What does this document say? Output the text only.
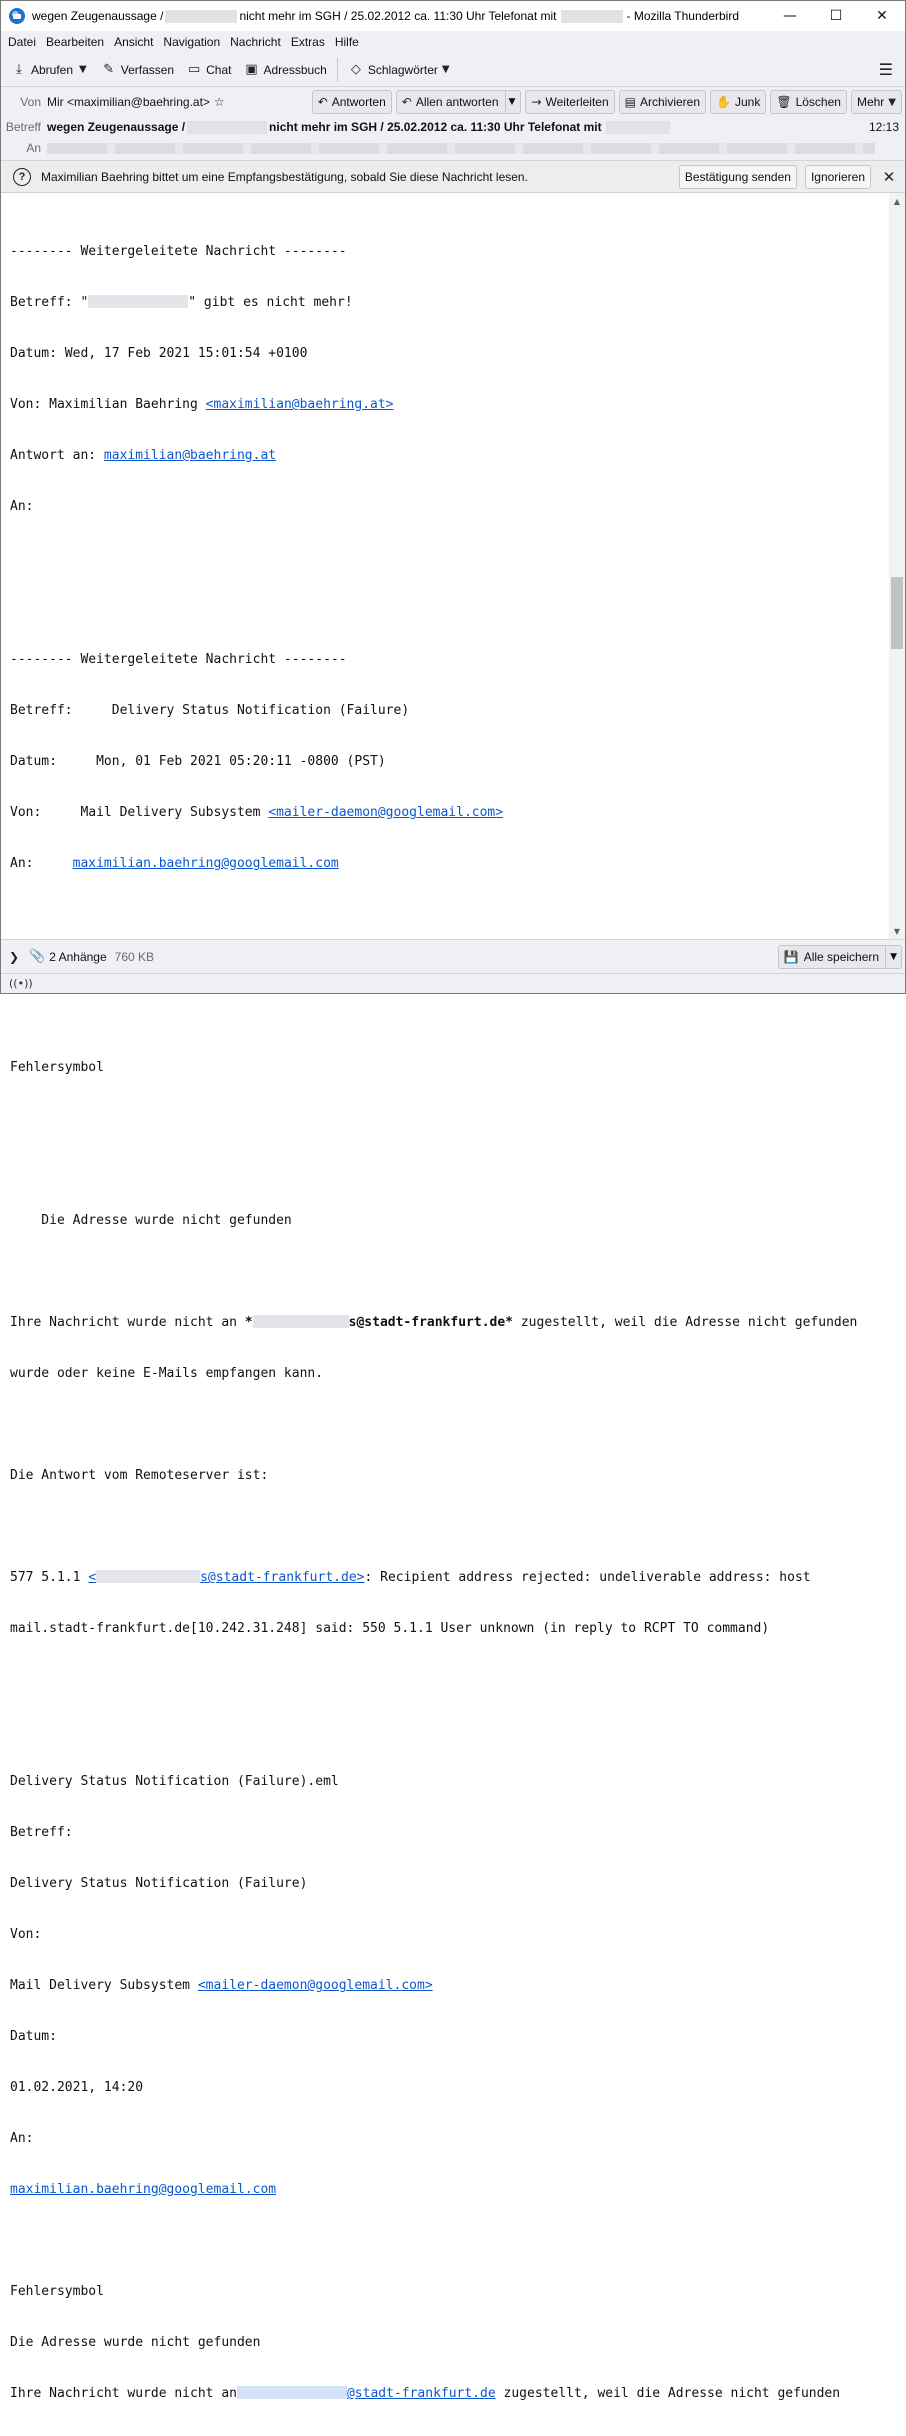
wegen Zeugenaussage /	nicht mehr im SGH / 25.02.2012 ca. 11:30 Uhr Telefonat mit	- Mozilla Thunderbird	—	☐	✕
Datei Bearbeiten Ansicht Navigation Nachricht Extras Hilfe
⤓ Abrufen ▼ ✎ Verfassen ▭ Chat ▣ Adressbuch ◇ Schlagwörter ▼	☰
Von Mir <maximilian@baehring.at> ☆	↶ Antworten ↶ Allen antworten	▼ → Weiterleiten ▤ Archivieren ✋ Junk 🗑 Löschen Mehr ▼
Betreff wegen Zeugenaussage /	nicht mehr im SGH / 25.02.2012 ca. 11:30 Uhr Telefonat mit	12:13
An
?	Maximilian Baehring bittet um eine Empfangsbestätigung, sobald Sie diese Nachricht lesen.	Bestätigung senden	Ignorieren	✕

-------- Weitergeleitete Nachricht --------

Betreff: "	" gibt es nicht mehr!

Datum: Wed, 17 Feb 2021 15:01:54 +0100

Von: Maximilian Baehring <maximilian@baehring.at>

Antwort an: maximilian@baehring.at

An:

-------- Weitergeleitete Nachricht --------

Betreff:     Delivery Status Notification (Failure)

Datum:     Mon, 01 Feb 2021 05:20:11 -0800 (PST)

Von:     Mail Delivery Subsystem <mailer-daemon@googlemail.com>

An:     maximilian.baehring@googlemail.com

Fehlersymbol

Die Adresse wurde nicht gefunden

Ihre Nachricht wurde nicht an *	s@stadt-frankfurt.de* zugestellt, weil die Adresse nicht gefunden

wurde oder keine E-Mails empfangen kann.

Die Antwort vom Remoteserver ist:

577 5.1.1 <	s@stadt-frankfurt.de>: Recipient address rejected: undeliverable address: host

mail.stadt-frankfurt.de[10.242.31.248] said: 550 5.1.1 User unknown (in reply to RCPT TO command)

Delivery Status Notification (Failure).eml

Betreff:

Delivery Status Notification (Failure)

Von:

Mail Delivery Subsystem <mailer-daemon@googlemail.com>

Datum:

01.02.2021, 14:20

An:

maximilian.baehring@googlemail.com

Fehlersymbol

Die Adresse wurde nicht gefunden

Ihre Nachricht wurde nicht an	@stadt-frankfurt.de zugestellt, weil die Adresse nicht gefunden

▲
▼
❯ 📎 2 Anhänge 760 KB	💾 Alle speichern	▼
((•))
